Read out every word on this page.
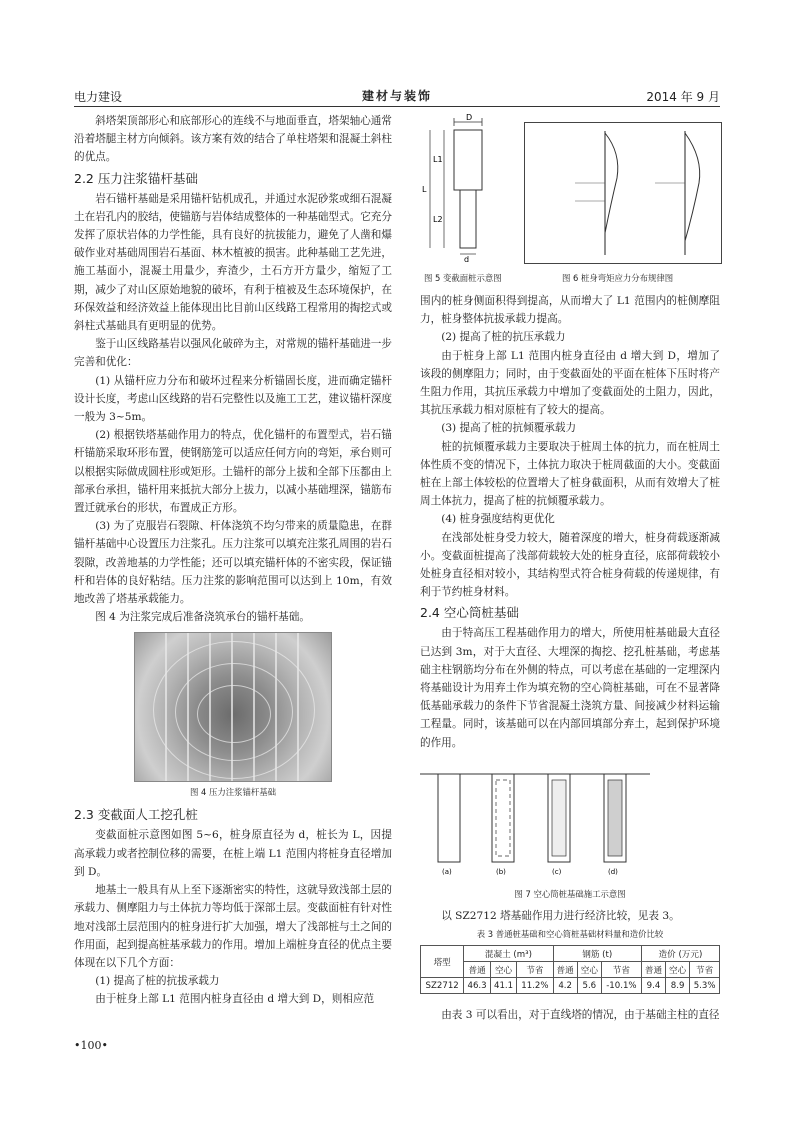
电力建设	建材与装饰	2014 年 9 月

斜塔架顶部形心和底部形心的连线不与地面垂直，塔架轴心通常沿着塔腿主材方向倾斜。该方案有效的结合了单柱塔架和混凝土斜柱的优点。

2.2 压力注浆锚杆基础

岩石锚杆基础是采用锚杆钻机成孔，并通过水泥砂浆或细石混凝土在岩孔内的胶结，使锚筋与岩体结成整体的一种基础型式。它充分发挥了原状岩体的力学性能，具有良好的抗拔能力，避免了人凿和爆破作业对基础周围岩石基面、林木植被的损害。此种基础工艺先进，施工基面小，混凝土用量少，弃渣少，土石方开方量少，缩短了工期，减少了对山区原始地貌的破坏，有利于植被及生态环境保护，在环保效益和经济效益上能体现出比目前山区线路工程常用的掏挖式或斜柱式基础具有更明显的优势。

鉴于山区线路基岩以强风化破碎为主，对常规的锚杆基础进一步完善和优化：

(1) 从锚杆应力分布和破坏过程来分析锚固长度，进而确定锚杆设计长度，考虑山区线路的岩石完整性以及施工工艺，建议锚杆深度一般为 3~5m。

(2) 根据铁塔基础作用力的特点，优化锚杆的布置型式，岩石锚杆锚筋采取环形布置，使钢筋笼可以适应任何方向的弯矩，承台则可以根据实际做成圆柱形或矩形。土锚杆的部分上拔和全部下压都由上部承台承担，锚杆用来抵抗大部分上拔力，以减小基础埋深，锚筋布置迁就承台的形状，布置成正方形。

(3) 为了克服岩石裂隙、杆体浇筑不均匀带来的质量隐患，在群锚杆基础中心设置压力注浆孔。压力注浆可以填充注浆孔周围的岩石裂隙，改善地基的力学性能；还可以填充锚杆体的不密实段，保证锚杆和岩体的良好粘结。压力注浆的影响范围可以达到上 10m，有效地改善了塔基承载能力。

图 4 为注浆完成后准备浇筑承台的锚杆基础。

图 4 压力注浆锚杆基础
2.3 变截面人工挖孔桩

变截面桩示意图如图 5~6，桩身原直径为 d，桩长为 L，因提高承载力或者控制位移的需要，在桩上端 L1 范围内将桩身直径增加到 D。

地基土一般具有从上至下逐渐密实的特性，这就导致浅部土层的承载力、侧摩阻力与土体抗力等均低于深部土层。变截面桩有针对性地对浅部土层范围内的桩身进行扩大加强，增大了浅部桩与土之间的作用面，起到提高桩基承载力的作用。增加上端桩身直径的优点主要体现在以下几个方面：

(1) 提高了桩的抗拔承载力

由于桩身上部 L1 范围内桩身直径由 d 增大到 D，则相应范

D
L1
L
L2
d
图 5 变截面桩示意图	图 6 桩身弯矩应力分布规律图

围内的桩身侧面积得到提高，从而增大了 L1 范围内的桩侧摩阻力，桩身整体抗拔承载力提高。

(2) 提高了桩的抗压承载力

由于桩身上部 L1 范围内桩身直径由 d 增大到 D，增加了该段的侧摩阻力；同时，由于变截面处的平面在桩体下压时将产生阻力作用，其抗压承载力中增加了变截面处的土阻力，因此，其抗压承载力相对原桩有了较大的提高。

(3) 提高了桩的抗倾覆承载力

桩的抗倾覆承载力主要取决于桩周土体的抗力，而在桩周土体性质不变的情况下，土体抗力取决于桩周截面的大小。变截面桩在上部土体较松的位置增大了桩身截面积，从而有效增大了桩周土体抗力，提高了桩的抗倾覆承载力。

(4) 桩身强度结构更优化

在浅部处桩身受力较大，随着深度的增大，桩身荷载逐渐减小。变截面桩提高了浅部荷载较大处的桩身直径，底部荷载较小处桩身直径相对较小，其结构型式符合桩身荷载的传递规律，有利于节约桩身材料。

2.4 空心筒桩基础

由于特高压工程基础作用力的增大，所使用桩基础最大直径已达到 3m，对于大直径、大埋深的掏挖、挖孔桩基础，考虑基础主柱钢筋均分布在外侧的特点，可以考虑在基础的一定埋深内将基础设计为用弃土作为填充物的空心筒桩基础，可在不显著降低基础承载力的条件下节省混凝土浇筑方量、间接减少材料运输工程量。同时，该基础可以在内部回填部分弃土，起到保护环境的作用。

(a)	(b)	(c)	(d)
图 7 空心筒桩基础施工示意图

以 SZ2712 塔基础作用力进行经济比较，见表 3。

表 3 普通桩基础和空心筒桩基础材料量和造价比较
塔型	混凝土 (m³)			钢筋 (t)			造价 (万元)		
	普通	空心	节省	普通	空心	节省	普通	空心	节省
SZ2712	46.3	41.1	11.2%	4.2	5.6	-10.1%	9.4	8.9	5.3%

由表 3 可以看出，对于直线塔的情况，由于基础主柱的直径

•100•
